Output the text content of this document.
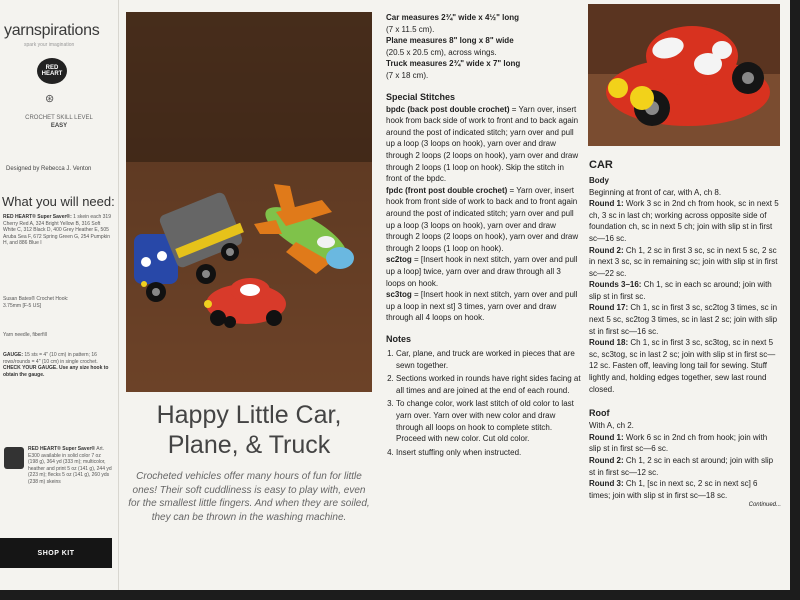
yarnspirations
spark your imagination
RED HEART
⊛
CROCHET SKILL LEVEL
EASY
Designed by Rebecca J. Venton
What you will need:
RED HEART® Super Saver®: 1 skein each 319 Cherry Red A, 324 Bright Yellow B, 316 Soft White C, 312 Black D, 400 Grey Heather E, 505 Aruba Sea F, 672 Spring Green G, 254 Pumpkin H, and 886 Blue I
Susan Bates® Crochet Hook:
3.75mm [F-5 US]
Yarn needle, fiberfill
GAUGE: 15 sts = 4" (10 cm) in pattern; 16 rows/rounds = 4" (10 cm) in single crochet. CHECK YOUR GAUGE. Use any size hook to obtain the gauge.
RED HEART® Super Saver® Art. E300 available in solid color 7 oz (198 g), 364 yd (333 m); multicolor, heather and print 5 oz (141 g), 244 yd (223 m); flecks 5 oz (141 g), 260 yds (238 m) skeins
SHOP KIT
Happy Little Car,
Plane, & Truck
Crocheted vehicles offer many hours of fun for little ones! Their soft cuddliness is easy to play with, even for the smallest little fingers. And when they are soiled, they can be thrown in the washing machine.

Car measures 2¾" wide x 4½" long
(7 x 11.5 cm).

Plane measures 8" long x 8" wide
(20.5 x 20.5 cm), across wings.

Truck measures 2¾" wide x 7" long
(7 x 18 cm).

Special Stitches

bpdc (back post double crochet) = Yarn over, insert hook from back side of work to front and to back again around the post of indicated stitch; yarn over and pull up a loop (3 loops on hook), yarn over and draw through 2 loops (2 loops on hook), yarn over and draw through 2 loops (1 loop on hook). Skip the stitch in front of the bpdc.

fpdc (front post double crochet) = Yarn over, insert hook from front side of work to back and to front again around the post of indicated stitch; yarn over and pull up a loop (3 loops on hook), yarn over and draw through 2 loops (2 loops on hook), yarn over and draw through 2 loops (1 loop on hook).

sc2tog = [Insert hook in next stitch, yarn over and pull up a loop] twice, yarn over and draw through all 3 loops on hook.

sc3tog = [Insert hook in next stitch, yarn over and pull up a loop in next st] 3 times, yarn over and draw through all 4 loops on hook.

Notes

1. Car, plane, and truck are worked in pieces that are sewn together.
2. Sections worked in rounds have right sides facing at all times and are joined at the end of each round.
3. To change color, work last stitch of old color to last yarn over. Yarn over with new color and draw through all loops on hook to complete stitch. Proceed with new color. Cut old color.
4. Insert stuffing only when instructed.

CAR

Body

Beginning at front of car, with A, ch 8.

Round 1: Work 3 sc in 2nd ch from hook, sc in next 5 ch, 3 sc in last ch; working across opposite side of foundation ch, sc in next 5 ch; join with slip st in first sc—16 sc.

Round 2: Ch 1, 2 sc in first 3 sc, sc in next 5 sc, 2 sc in next 3 sc, sc in remaining sc; join with slip st in first sc—22 sc.

Rounds 3–16: Ch 1, sc in each sc around; join with slip st in first sc.

Round 17: Ch 1, sc in first 3 sc, sc2tog 3 times, sc in next 5 sc, sc2tog 3 times, sc in last 2 sc; join with slip st in first sc—16 sc.

Round 18: Ch 1, sc in first 3 sc, sc3tog, sc in next 5 sc, sc3tog, sc in last 2 sc; join with slip st in first sc—12 sc. Fasten off, leaving long tail for sewing. Stuff lightly and, holding edges together, sew last round closed.

Roof

With A, ch 2.

Round 1: Work 6 sc in 2nd ch from hook; join with slip st in first sc—6 sc.

Round 2: Ch 1, 2 sc in each st around; join with slip st in first sc—12 sc.

Round 3: Ch 1, [sc in next sc, 2 sc in next sc] 6 times; join with slip st in first sc—18 sc.

Continued...
